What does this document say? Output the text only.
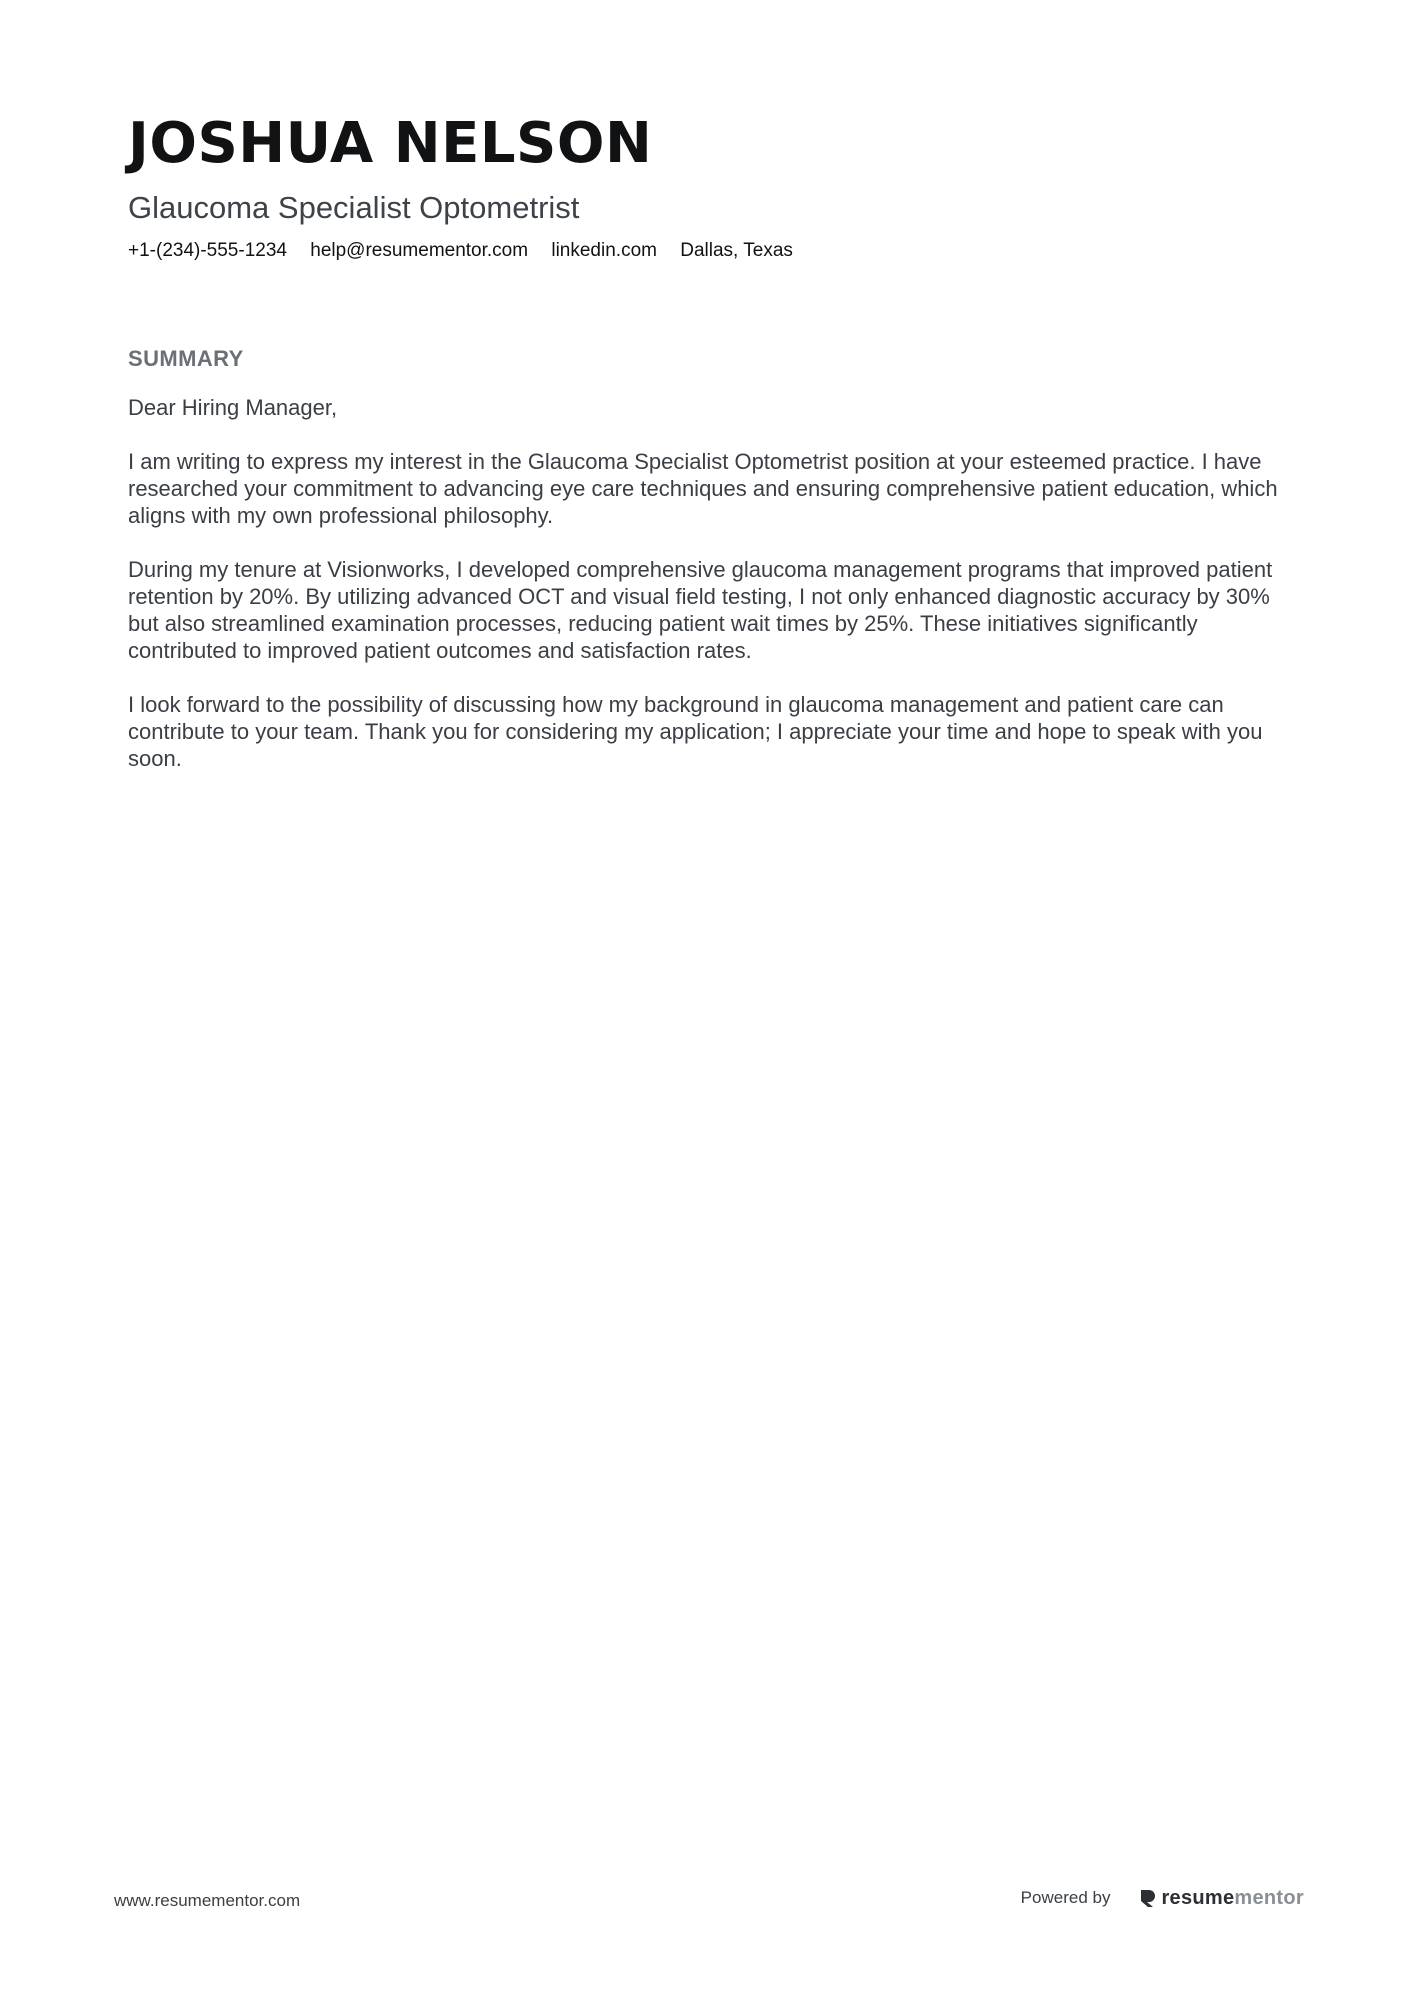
JOSHUA NELSON
Glaucoma Specialist Optometrist
+1-(234)-555-1234 help@resumementor.com linkedin.com Dallas, Texas
SUMMARY

Dear Hiring Manager,

I am writing to express my interest in the Glaucoma Specialist Optometrist position at your esteemed practice. I have researched your commitment to advancing eye care techniques and ensuring comprehensive patient education, which aligns with my own professional philosophy.

During my tenure at Visionworks, I developed comprehensive glaucoma management programs that improved patient retention by 20%. By utilizing advanced OCT and visual field testing, I not only enhanced diagnostic accuracy by 30% but also streamlined examination processes, reducing patient wait times by 25%. These initiatives significantly contributed to improved patient outcomes and satisfaction rates.

I look forward to the possibility of discussing how my background in glaucoma management and patient care can contribute to your team. Thank you for considering my application; I appreciate your time and hope to speak with you soon.

www.resumementor.com	Powered by	resume mentor
